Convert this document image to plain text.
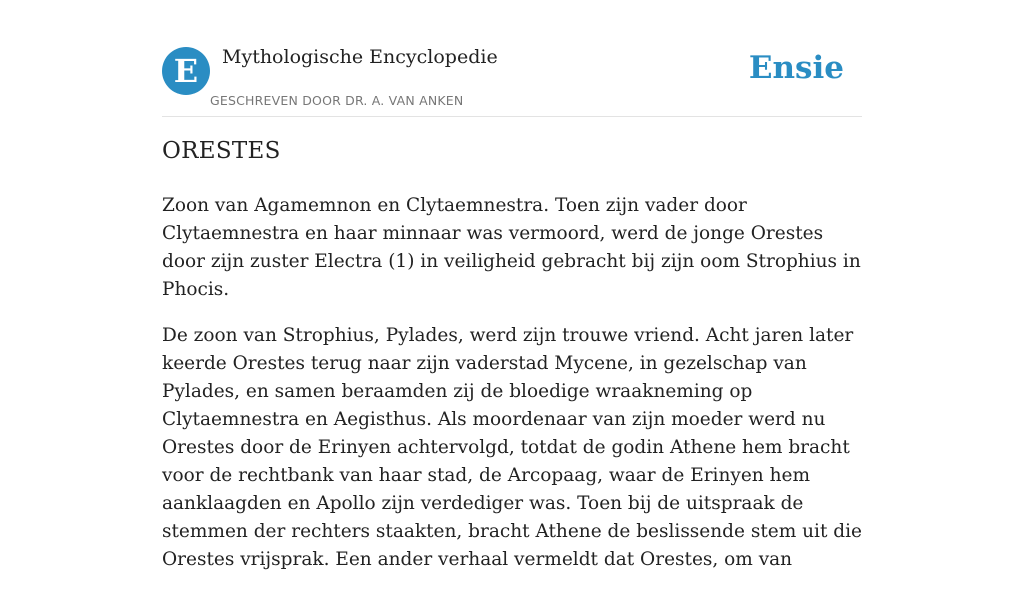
E	Mythologische Encyclopedie
GESCHREVEN DOOR DR. A. VAN ANKEN
Ensie
ORESTES

Zoon van Agamemnon en Clytaemnestra. Toen zijn vader door Clytaemnestra en haar minnaar was vermoord, werd de jonge Orestes door zijn zuster Electra (1) in veiligheid gebracht bij zijn oom Strophius in Phocis.

De zoon van Strophius, Pylades, werd zijn trouwe vriend. Acht jaren later keerde Orestes terug naar zijn vaderstad Mycene, in gezelschap van Pylades, en samen beraamden zij de bloedige wraakneming op Clytaemnestra en Aegisthus. Als moordenaar van zijn moeder werd nu Orestes door de Erinyen achtervolgd, totdat de godin Athene hem bracht voor de rechtbank van haar stad, de Arcopaag, waar de Erinyen hem aanklaagden en Apollo zijn verdediger was. Toen bij de uitspraak de stemmen der rechters staakten, bracht Athene de beslissende stem uit die Orestes vrijsprak. Een ander verhaal vermeldt dat Orestes, om van
